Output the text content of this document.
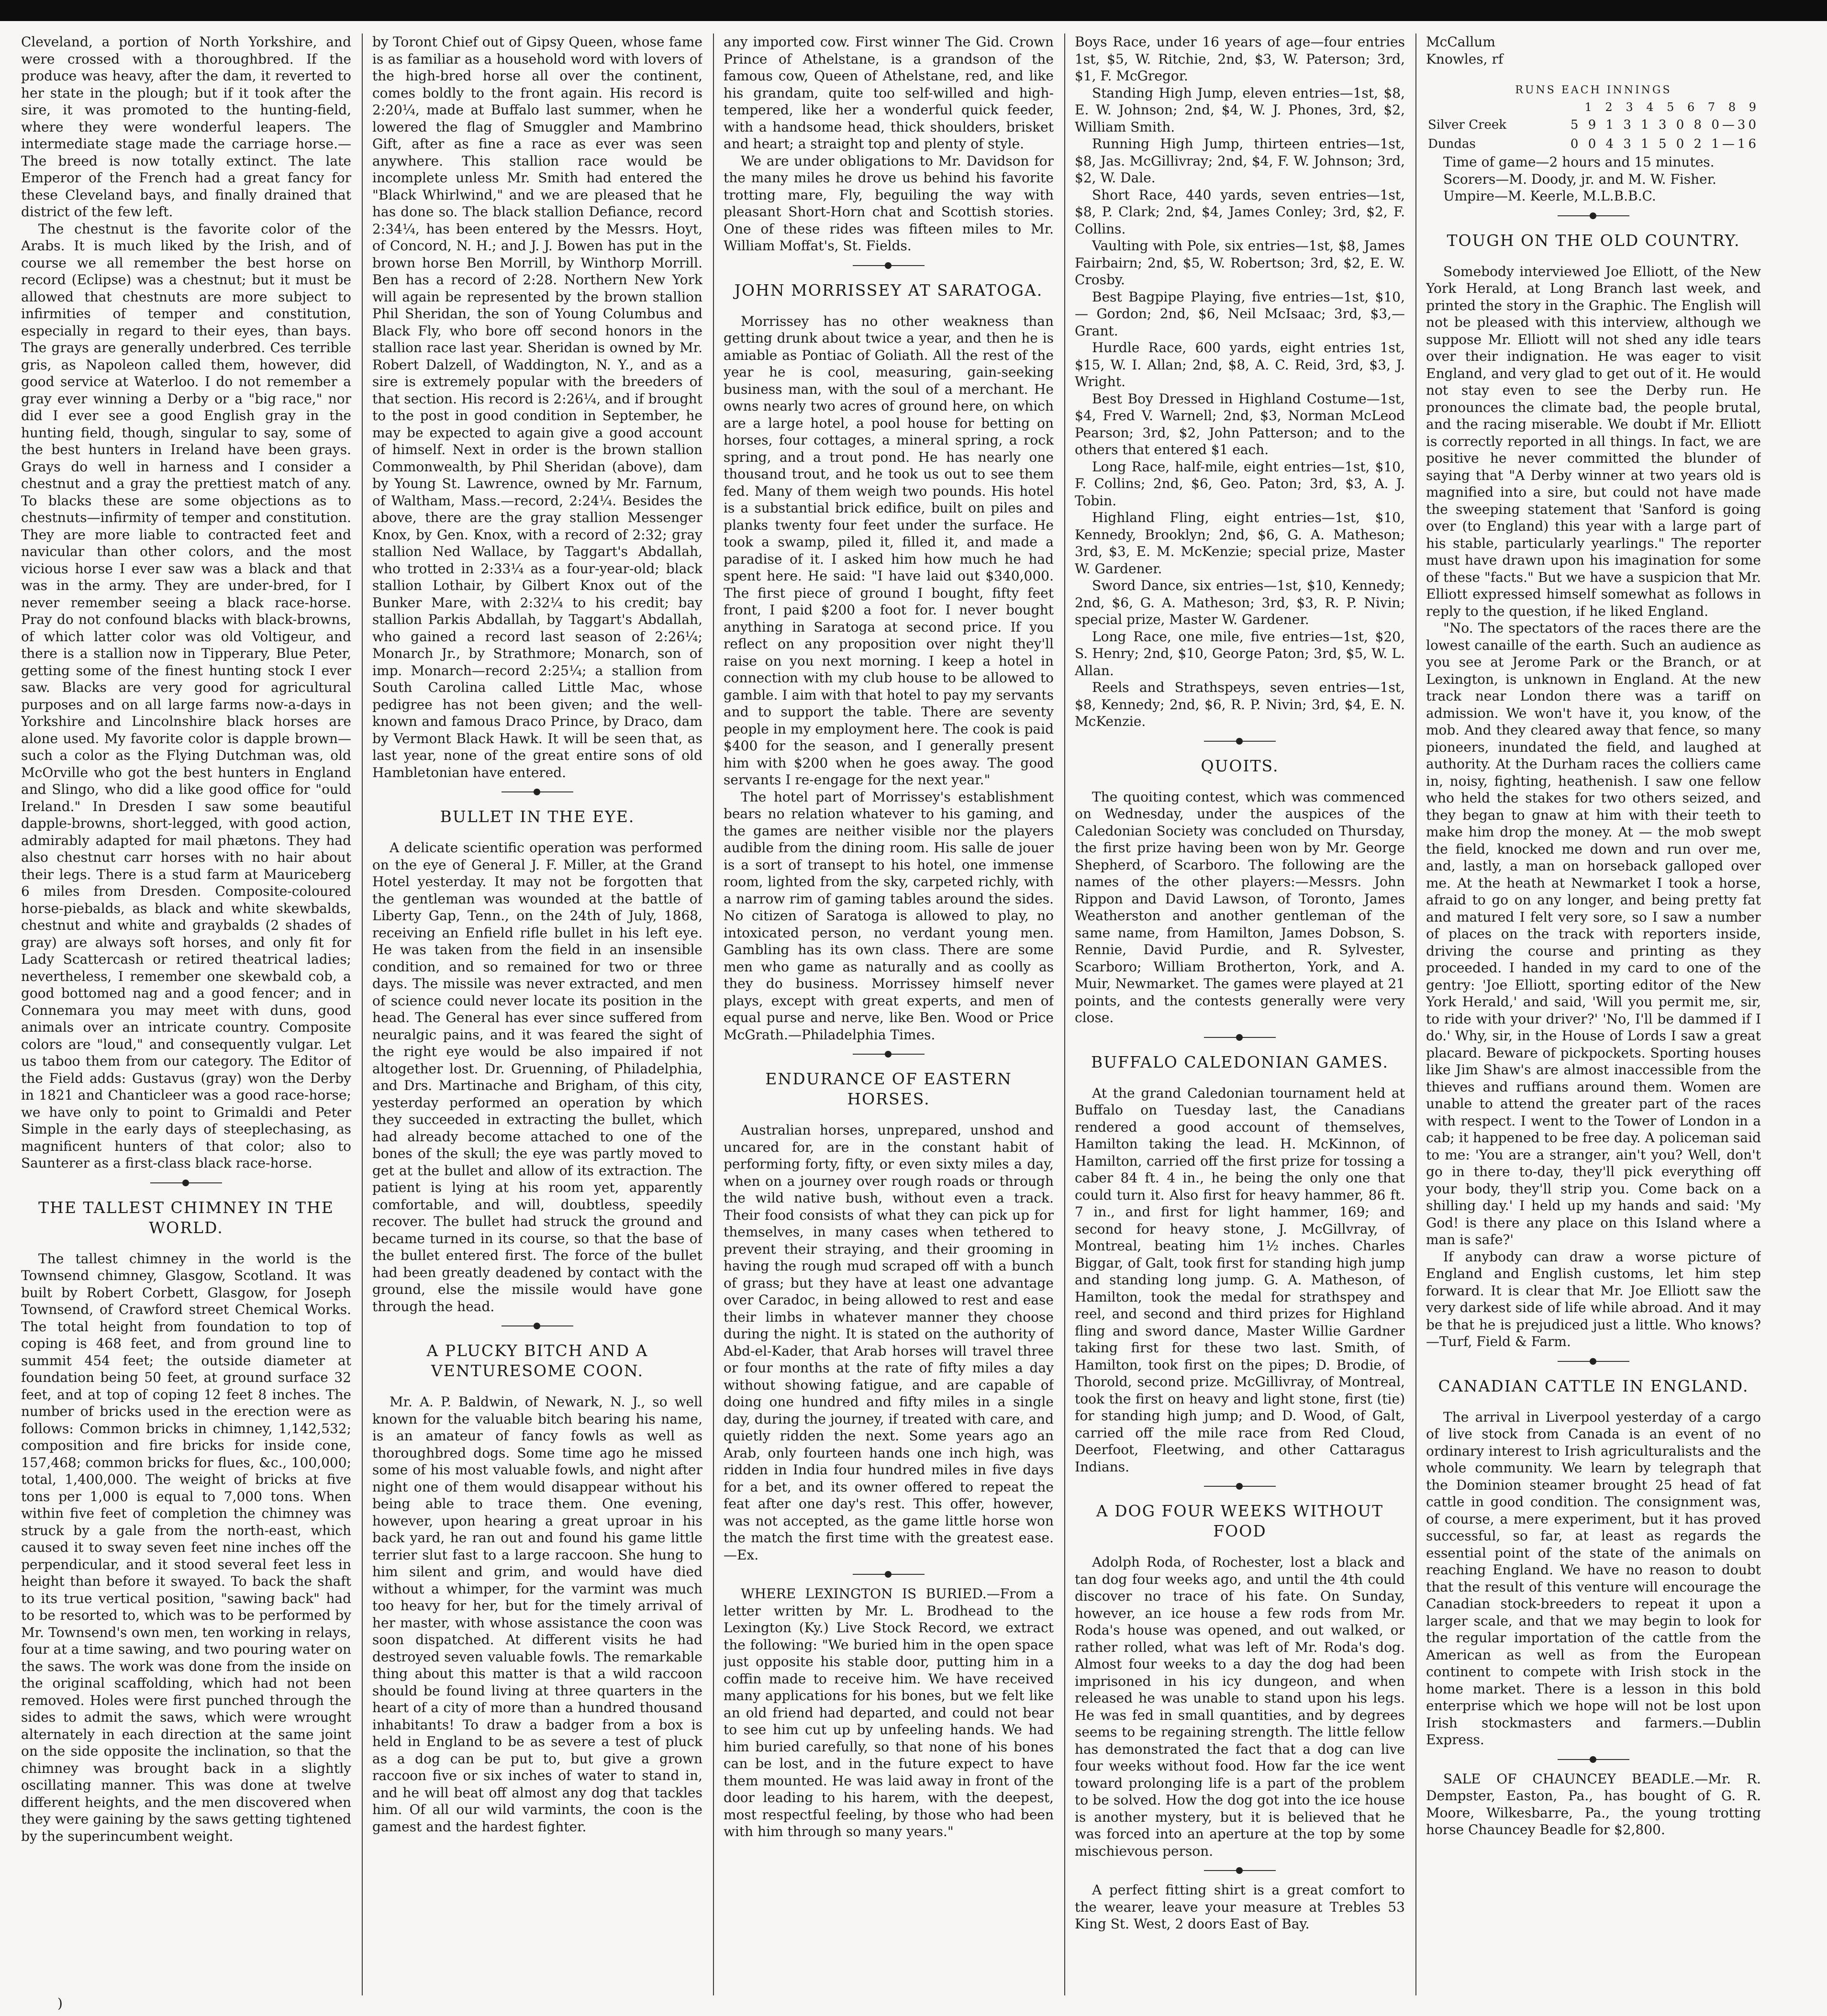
Cleveland, a portion of North Yorkshire, and were crossed with a thoroughbred. If the produce was heavy, after the dam, it reverted to her state in the plough; but if it took after the sire, it was promoted to the hunting-field, where they were wonderful leapers. The intermediate stage made the carriage horse.—The breed is now totally extinct. The late Emperor of the French had a great fancy for these Cleveland bays, and finally drained that district of the few left.

The chestnut is the favorite color of the Arabs. It is much liked by the Irish, and of course we all remember the best horse on record (Eclipse) was a chestnut; but it must be allowed that chestnuts are more subject to infirmities of temper and constitution, especially in regard to their eyes, than bays. The grays are generally underbred. Ces terrible gris, as Napoleon called them, however, did good service at Waterloo. I do not remember a gray ever winning a Derby or a "big race," nor did I ever see a good English gray in the hunting field, though, singular to say, some of the best hunters in Ireland have been grays. Grays do well in harness and I consider a chestnut and a gray the prettiest match of any. To blacks these are some objections as to chestnuts—infirmity of temper and constitution. They are more liable to contracted feet and navicular than other colors, and the most vicious horse I ever saw was a black and that was in the army. They are under-bred, for I never remember seeing a black race-horse. Pray do not confound blacks with black-browns, of which latter color was old Voltigeur, and there is a stallion now in Tipperary, Blue Peter, getting some of the finest hunting stock I ever saw. Blacks are very good for agricultural purposes and on all large farms now-a-days in Yorkshire and Lincolnshire black horses are alone used. My favorite color is dapple brown—such a color as the Flying Dutchman was, old McOrville who got the best hunters in England and Slingo, who did a like good office for "ould Ireland." In Dresden I saw some beautiful dapple-browns, short-legged, with good action, admirably adapted for mail phætons. They had also chestnut carr horses with no hair about their legs. There is a stud farm at Mauriceberg 6 miles from Dresden. Composite-coloured horse-piebalds, as black and white skewbalds, chestnut and white and graybalds (2 shades of gray) are always soft horses, and only fit for Lady Scattercash or retired theatrical ladies; nevertheless, I remember one skewbald cob, a good bottomed nag and a good fencer; and in Connemara you may meet with duns, good animals over an intricate country. Composite colors are "loud," and consequently vulgar. Let us taboo them from our category. The Editor of the Field adds: Gustavus (gray) won the Derby in 1821 and Chanticleer was a good race-horse; we have only to point to Grimaldi and Peter Simple in the early days of steeplechasing, as magnificent hunters of that color; also to Saunterer as a first-class black race-horse.

THE TALLEST CHIMNEY IN THE WORLD.

The tallest chimney in the world is the Townsend chimney, Glasgow, Scotland. It was built by Robert Corbett, Glasgow, for Joseph Townsend, of Crawford street Chemical Works. The total height from foundation to top of coping is 468 feet, and from ground line to summit 454 feet; the outside diameter at foundation being 50 feet, at ground surface 32 feet, and at top of coping 12 feet 8 inches. The number of bricks used in the erection were as follows: Common bricks in chimney, 1,142,532; composition and fire bricks for inside cone, 157,468; common bricks for flues, &c., 100,000; total, 1,400,000. The weight of bricks at five tons per 1,000 is equal to 7,000 tons. When within five feet of completion the chimney was struck by a gale from the north-east, which caused it to sway seven feet nine inches off the perpendicular, and it stood several feet less in height than before it swayed. To back the shaft to its true vertical position, "sawing back" had to be resorted to, which was to be performed by Mr. Townsend's own men, ten working in relays, four at a time sawing, and two pouring water on the saws. The work was done from the inside on the original scaffolding, which had not been removed. Holes were first punched through the sides to admit the saws, which were wrought alternately in each direction at the same joint on the side opposite the inclination, so that the chimney was brought back in a slightly oscillating manner. This was done at twelve different heights, and the men discovered when they were gaining by the saws getting tightened by the superincumbent weight.

by Toront Chief out of Gipsy Queen, whose fame is as familiar as a household word with lovers of the high-bred horse all over the continent, comes boldly to the front again. His record is 2:20¼, made at Buffalo last summer, when he lowered the flag of Smuggler and Mambrino Gift, after as fine a race as ever was seen anywhere. This stallion race would be incomplete unless Mr. Smith had entered the "Black Whirlwind," and we are pleased that he has done so. The black stallion Defiance, record 2:34¼, has been entered by the Messrs. Hoyt, of Concord, N. H.; and J. J. Bowen has put in the brown horse Ben Morrill, by Winthorp Morrill. Ben has a record of 2:28. Northern New York will again be represented by the brown stallion Phil Sheridan, the son of Young Columbus and Black Fly, who bore off second honors in the stallion race last year. Sheridan is owned by Mr. Robert Dalzell, of Waddington, N. Y., and as a sire is extremely popular with the breeders of that section. His record is 2:26¼, and if brought to the post in good condition in September, he may be expected to again give a good account of himself. Next in order is the brown stallion Commonwealth, by Phil Sheridan (above), dam by Young St. Lawrence, owned by Mr. Farnum, of Waltham, Mass.—record, 2:24¼. Besides the above, there are the gray stallion Messenger Knox, by Gen. Knox, with a record of 2:32; gray stallion Ned Wallace, by Taggart's Abdallah, who trotted in 2:33¼ as a four-year-old; black stallion Lothair, by Gilbert Knox out of the Bunker Mare, with 2:32¼ to his credit; bay stallion Parkis Abdallah, by Taggart's Abdallah, who gained a record last season of 2:26¼; Monarch Jr., by Strathmore; Monarch, son of imp. Monarch—record 2:25¼; a stallion from South Carolina called Little Mac, whose pedigree has not been given; and the well-known and famous Draco Prince, by Draco, dam by Vermont Black Hawk. It will be seen that, as last year, none of the great entire sons of old Hambletonian have entered.

BULLET IN THE EYE.

A delicate scientific operation was performed on the eye of General J. F. Miller, at the Grand Hotel yesterday. It may not be forgotten that the gentleman was wounded at the battle of Liberty Gap, Tenn., on the 24th of July, 1868, receiving an Enfield rifle bullet in his left eye. He was taken from the field in an insensible condition, and so remained for two or three days. The missile was never extracted, and men of science could never locate its position in the head. The General has ever since suffered from neuralgic pains, and it was feared the sight of the right eye would be also impaired if not altogether lost. Dr. Gruenning, of Philadelphia, and Drs. Martinache and Brigham, of this city, yesterday performed an operation by which they succeeded in extracting the bullet, which had already become attached to one of the bones of the skull; the eye was partly moved to get at the bullet and allow of its extraction. The patient is lying at his room yet, apparently comfortable, and will, doubtless, speedily recover. The bullet had struck the ground and became turned in its course, so that the base of the bullet entered first. The force of the bullet had been greatly deadened by contact with the ground, else the missile would have gone through the head.

A PLUCKY BITCH AND A VENTURESOME COON.

Mr. A. P. Baldwin, of Newark, N. J., so well known for the valuable bitch bearing his name, is an amateur of fancy fowls as well as thoroughbred dogs. Some time ago he missed some of his most valuable fowls, and night after night one of them would disappear without his being able to trace them. One evening, however, upon hearing a great uproar in his back yard, he ran out and found his game little terrier slut fast to a large raccoon. She hung to him silent and grim, and would have died without a whimper, for the varmint was much too heavy for her, but for the timely arrival of her master, with whose assistance the coon was soon dispatched. At different visits he had destroyed seven valuable fowls. The remarkable thing about this matter is that a wild raccoon should be found living at three quarters in the heart of a city of more than a hundred thousand inhabitants! To draw a badger from a box is held in England to be as severe a test of pluck as a dog can be put to, but give a grown raccoon five or six inches of water to stand in, and he will beat off almost any dog that tackles him. Of all our wild varmints, the coon is the gamest and the hardest fighter.

any imported cow. First winner The Gid. Crown Prince of Athelstane, is a grandson of the famous cow, Queen of Athelstane, red, and like his grandam, quite too self-willed and high-tempered, like her a wonderful quick feeder, with a handsome head, thick shoulders, brisket and heart; a straight top and plenty of style.

We are under obligations to Mr. Davidson for the many miles he drove us behind his favorite trotting mare, Fly, beguiling the way with pleasant Short-Horn chat and Scottish stories. One of these rides was fifteen miles to Mr. William Moffat's, St. Fields.

JOHN MORRISSEY AT SARATOGA.

Morrissey has no other weakness than getting drunk about twice a year, and then he is amiable as Pontiac of Goliath. All the rest of the year he is cool, measuring, gain-seeking business man, with the soul of a merchant. He owns nearly two acres of ground here, on which are a large hotel, a pool house for betting on horses, four cottages, a mineral spring, a rock spring, and a trout pond. He has nearly one thousand trout, and he took us out to see them fed. Many of them weigh two pounds. His hotel is a substantial brick edifice, built on piles and planks twenty four feet under the surface. He took a swamp, piled it, filled it, and made a paradise of it. I asked him how much he had spent here. He said: "I have laid out $340,000. The first piece of ground I bought, fifty feet front, I paid $200 a foot for. I never bought anything in Saratoga at second price. If you reflect on any proposition over night they'll raise on you next morning. I keep a hotel in connection with my club house to be allowed to gamble. I aim with that hotel to pay my servants and to support the table. There are seventy people in my employment here. The cook is paid $400 for the season, and I generally present him with $200 when he goes away. The good servants I re-engage for the next year."

The hotel part of Morrissey's establishment bears no relation whatever to his gaming, and the games are neither visible nor the players audible from the dining room. His salle de jouer is a sort of transept to his hotel, one immense room, lighted from the sky, carpeted richly, with a narrow rim of gaming tables around the sides. No citizen of Saratoga is allowed to play, no intoxicated person, no verdant young men. Gambling has its own class. There are some men who game as naturally and as coolly as they do business. Morrissey himself never plays, except with great experts, and men of equal purse and nerve, like Ben. Wood or Price McGrath.—Philadelphia Times.

ENDURANCE OF EASTERN HORSES.

Australian horses, unprepared, unshod and uncared for, are in the constant habit of performing forty, fifty, or even sixty miles a day, when on a journey over rough roads or through the wild native bush, without even a track. Their food consists of what they can pick up for themselves, in many cases when tethered to prevent their straying, and their grooming in having the rough mud scraped off with a bunch of grass; but they have at least one advantage over Caradoc, in being allowed to rest and ease their limbs in whatever manner they choose during the night. It is stated on the authority of Abd-el-Kader, that Arab horses will travel three or four months at the rate of fifty miles a day without showing fatigue, and are capable of doing one hundred and fifty miles in a single day, during the journey, if treated with care, and quietly ridden the next. Some years ago an Arab, only fourteen hands one inch high, was ridden in India four hundred miles in five days for a bet, and its owner offered to repeat the feat after one day's rest. This offer, however, was not accepted, as the game little horse won the match the first time with the greatest ease.—Ex.

WHERE LEXINGTON IS BURIED.—From a letter written by Mr. L. Brodhead to the Lexington (Ky.) Live Stock Record, we extract the following: "We buried him in the open space just opposite his stable door, putting him in a coffin made to receive him. We have received many applications for his bones, but we felt like an old friend had departed, and could not bear to see him cut up by unfeeling hands. We had him buried carefully, so that none of his bones can be lost, and in the future expect to have them mounted. He was laid away in front of the door leading to his harem, with the deepest, most respectful feeling, by those who had been with him through so many years."

Boys Race, under 16 years of age—four entries 1st, $5, W. Ritchie, 2nd, $3, W. Paterson; 3rd, $1, F. McGregor.

Standing High Jump, eleven entries—1st, $8, E. W. Johnson; 2nd, $4, W. J. Phones, 3rd, $2, William Smith.

Running High Jump, thirteen entries—1st, $8, Jas. McGillivray; 2nd, $4, F. W. Johnson; 3rd, $2, W. Dale.

Short Race, 440 yards, seven entries—1st, $8, P. Clark; 2nd, $4, James Conley; 3rd, $2, F. Collins.

Vaulting with Pole, six entries—1st, $8, James Fairbairn; 2nd, $5, W. Robertson; 3rd, $2, E. W. Crosby.

Best Bagpipe Playing, five entries—1st, $10,— Gordon; 2nd, $6, Neil McIsaac; 3rd, $3,— Grant.

Hurdle Race, 600 yards, eight entries 1st, $15, W. I. Allan; 2nd, $8, A. C. Reid, 3rd, $3, J. Wright.

Best Boy Dressed in Highland Costume—1st, $4, Fred V. Warnell; 2nd, $3, Norman McLeod Pearson; 3rd, $2, John Patterson; and to the others that entered $1 each.

Long Race, half-mile, eight entries—1st, $10, F. Collins; 2nd, $6, Geo. Paton; 3rd, $3, A. J. Tobin.

Highland Fling, eight entries—1st, $10, Kennedy, Brooklyn; 2nd, $6, G. A. Matheson; 3rd, $3, E. M. McKenzie; special prize, Master W. Gardener.

Sword Dance, six entries—1st, $10, Kennedy; 2nd, $6, G. A. Matheson; 3rd, $3, R. P. Nivin; special prize, Master W. Gardener.

Long Race, one mile, five entries—1st, $20, S. Henry; 2nd, $10, George Paton; 3rd, $5, W. L. Allan.

Reels and Strathspeys, seven entries—1st, $8, Kennedy; 2nd, $6, R. P. Nivin; 3rd, $4, E. N. McKenzie.

QUOITS.

The quoiting contest, which was commenced on Wednesday, under the auspices of the Caledonian Society was concluded on Thursday, the first prize having been won by Mr. George Shepherd, of Scarboro. The following are the names of the other players:—Messrs. John Rippon and David Lawson, of Toronto, James Weatherston and another gentleman of the same name, from Hamilton, James Dobson, S. Rennie, David Purdie, and R. Sylvester, Scarboro; William Brotherton, York, and A. Muir, Newmarket. The games were played at 21 points, and the contests generally were very close.

BUFFALO CALEDONIAN GAMES.

At the grand Caledonian tournament held at Buffalo on Tuesday last, the Canadians rendered a good account of themselves, Hamilton taking the lead. H. McKinnon, of Hamilton, carried off the first prize for tossing a caber 84 ft. 4 in., he being the only one that could turn it. Also first for heavy hammer, 86 ft. 7 in., and first for light hammer, 169; and second for heavy stone, J. McGillvray, of Montreal, beating him 1½ inches. Charles Biggar, of Galt, took first for standing high jump and standing long jump. G. A. Matheson, of Hamilton, took the medal for strathspey and reel, and second and third prizes for Highland fling and sword dance, Master Willie Gardner taking first for these two last. Smith, of Hamilton, took first on the pipes; D. Brodie, of Thorold, second prize. McGillivray, of Montreal, took the first on heavy and light stone, first (tie) for standing high jump; and D. Wood, of Galt, carried off the mile race from Red Cloud, Deerfoot, Fleetwing, and other Cattaragus Indians.

A DOG FOUR WEEKS WITHOUT FOOD

Adolph Roda, of Rochester, lost a black and tan dog four weeks ago, and until the 4th could discover no trace of his fate. On Sunday, however, an ice house a few rods from Mr. Roda's house was opened, and out walked, or rather rolled, what was left of Mr. Roda's dog. Almost four weeks to a day the dog had been imprisoned in his icy dungeon, and when released he was unable to stand upon his legs. He was fed in small quantities, and by degrees seems to be regaining strength. The little fellow has demonstrated the fact that a dog can live four weeks without food. How far the ice went toward prolonging life is a part of the problem to be solved. How the dog got into the ice house is another mystery, but it is believed that he was forced into an aperture at the top by some mischievous person.

A perfect fitting shirt is a great comfort to the wearer, leave your measure at Trebles 53 King St. West, 2 doors East of Bay.

McCallum
Knowles, rf
RUNS EACH INNINGS
1 2 3 4 5 6 7 8 9
Silver Creek	5 9 1 3 1 3 0 8 0—30
Dundas	0 0 4 3 1 5 0 2 1—16

Time of game—2 hours and 15 minutes.

Scorers—M. Doody, jr. and M. W. Fisher.

Umpire—M. Keerle, M.L.B.B.C.

TOUGH ON THE OLD COUNTRY.

Somebody interviewed Joe Elliott, of the New York Herald, at Long Branch last week, and printed the story in the Graphic. The English will not be pleased with this interview, although we suppose Mr. Elliott will not shed any idle tears over their indignation. He was eager to visit England, and very glad to get out of it. He would not stay even to see the Derby run. He pronounces the climate bad, the people brutal, and the racing miserable. We doubt if Mr. Elliott is correctly reported in all things. In fact, we are positive he never committed the blunder of saying that "A Derby winner at two years old is magnified into a sire, but could not have made the sweeping statement that 'Sanford is going over (to England) this year with a large part of his stable, particularly yearlings." The reporter must have drawn upon his imagination for some of these "facts." But we have a suspicion that Mr. Elliott expressed himself somewhat as follows in reply to the question, if he liked England.

"No. The spectators of the races there are the lowest canaille of the earth. Such an audience as you see at Jerome Park or the Branch, or at Lexington, is unknown in England. At the new track near London there was a tariff on admission. We won't have it, you know, of the mob. And they cleared away that fence, so many pioneers, inundated the field, and laughed at authority. At the Durham races the colliers came in, noisy, fighting, heathenish. I saw one fellow who held the stakes for two others seized, and they began to gnaw at him with their teeth to make him drop the money. At — the mob swept the field, knocked me down and run over me, and, lastly, a man on horseback galloped over me. At the heath at Newmarket I took a horse, afraid to go on any longer, and being pretty fat and matured I felt very sore, so I saw a number of places on the track with reporters inside, driving the course and printing as they proceeded. I handed in my card to one of the gentry: 'Joe Elliott, sporting editor of the New York Herald,' and said, 'Will you permit me, sir, to ride with your driver?' 'No, I'll be dammed if I do.' Why, sir, in the House of Lords I saw a great placard. Beware of pickpockets. Sporting houses like Jim Shaw's are almost inaccessible from the thieves and ruffians around them. Women are unable to attend the greater part of the races with respect. I went to the Tower of London in a cab; it happened to be free day. A policeman said to me: 'You are a stranger, ain't you? Well, don't go in there to-day, they'll pick everything off your body, they'll strip you. Come back on a shilling day.' I held up my hands and said: 'My God! is there any place on this Island where a man is safe?'

If anybody can draw a worse picture of England and English customs, let him step forward. It is clear that Mr. Joe Elliott saw the very darkest side of life while abroad. And it may be that he is prejudiced just a little. Who knows?—Turf, Field & Farm.

CANADIAN CATTLE IN ENGLAND.

The arrival in Liverpool yesterday of a cargo of live stock from Canada is an event of no ordinary interest to Irish agriculturalists and the whole community. We learn by telegraph that the Dominion steamer brought 25 head of fat cattle in good condition. The consignment was, of course, a mere experiment, but it has proved successful, so far, at least as regards the essential point of the state of the animals on reaching England. We have no reason to doubt that the result of this venture will encourage the Canadian stock-breeders to repeat it upon a larger scale, and that we may begin to look for the regular importation of the cattle from the American as well as from the European continent to compete with Irish stock in the home market. There is a lesson in this bold enterprise which we hope will not be lost upon Irish stockmasters and farmers.—Dublin Express.

SALE OF CHAUNCEY BEADLE.—Mr. R. Dempster, Easton, Pa., has bought of G. R. Moore, Wilkesbarre, Pa., the young trotting horse Chauncey Beadle for $2,800.

)
